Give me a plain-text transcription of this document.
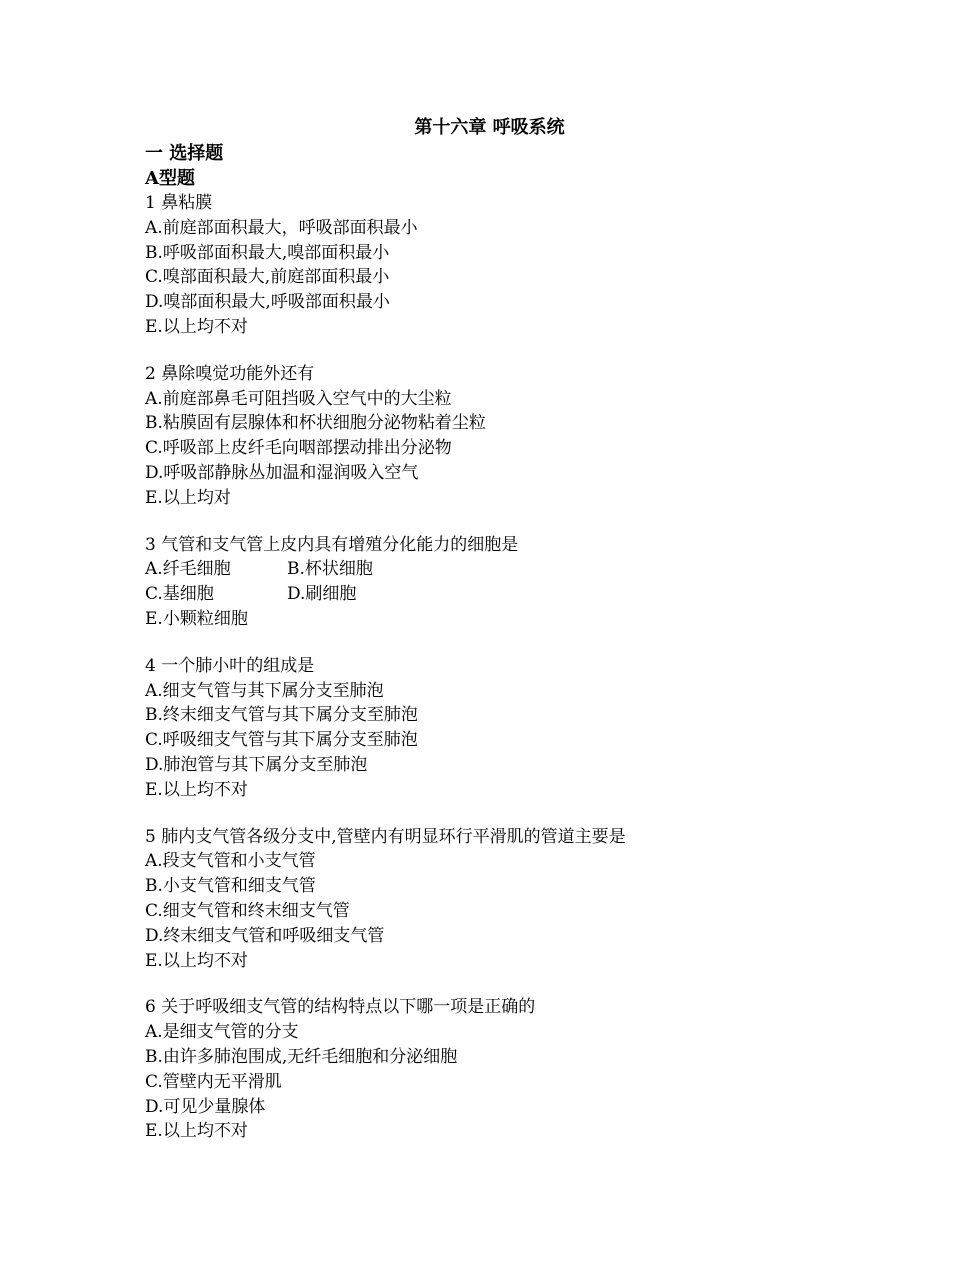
第十六章 呼吸系统

一 选择题

A型题

1 鼻粘膜

A.前庭部面积最大，呼吸部面积最小

B.呼吸部面积最大,嗅部面积最小

C.嗅部面积最大,前庭部面积最小

D.嗅部面积最大,呼吸部面积最小

E.以上均不对

2 鼻除嗅觉功能外还有

A.前庭部鼻毛可阻挡吸入空气中的大尘粒

B.粘膜固有层腺体和杯状细胞分泌物粘着尘粒

C.呼吸部上皮纤毛向咽部摆动排出分泌物

D.呼吸部静脉丛加温和湿润吸入空气

E.以上均对

3 气管和支气管上皮内具有增殖分化能力的细胞是

A.纤毛细胞	B.杯状细胞

C.基细胞	D.刷细胞

E.小颗粒细胞

4 一个肺小叶的组成是

A.细支气管与其下属分支至肺泡

B.终末细支气管与其下属分支至肺泡

C.呼吸细支气管与其下属分支至肺泡

D.肺泡管与其下属分支至肺泡

E.以上均不对

5 肺内支气管各级分支中,管壁内有明显环行平滑肌的管道主要是

A.段支气管和小支气管

B.小支气管和细支气管

C.细支气管和终末细支气管

D.终末细支气管和呼吸细支气管

E.以上均不对

6 关于呼吸细支气管的结构特点以下哪一项是正确的

A.是细支气管的分支

B.由许多肺泡围成,无纤毛细胞和分泌细胞

C.管壁内无平滑肌

D.可见少量腺体

E.以上均不对
